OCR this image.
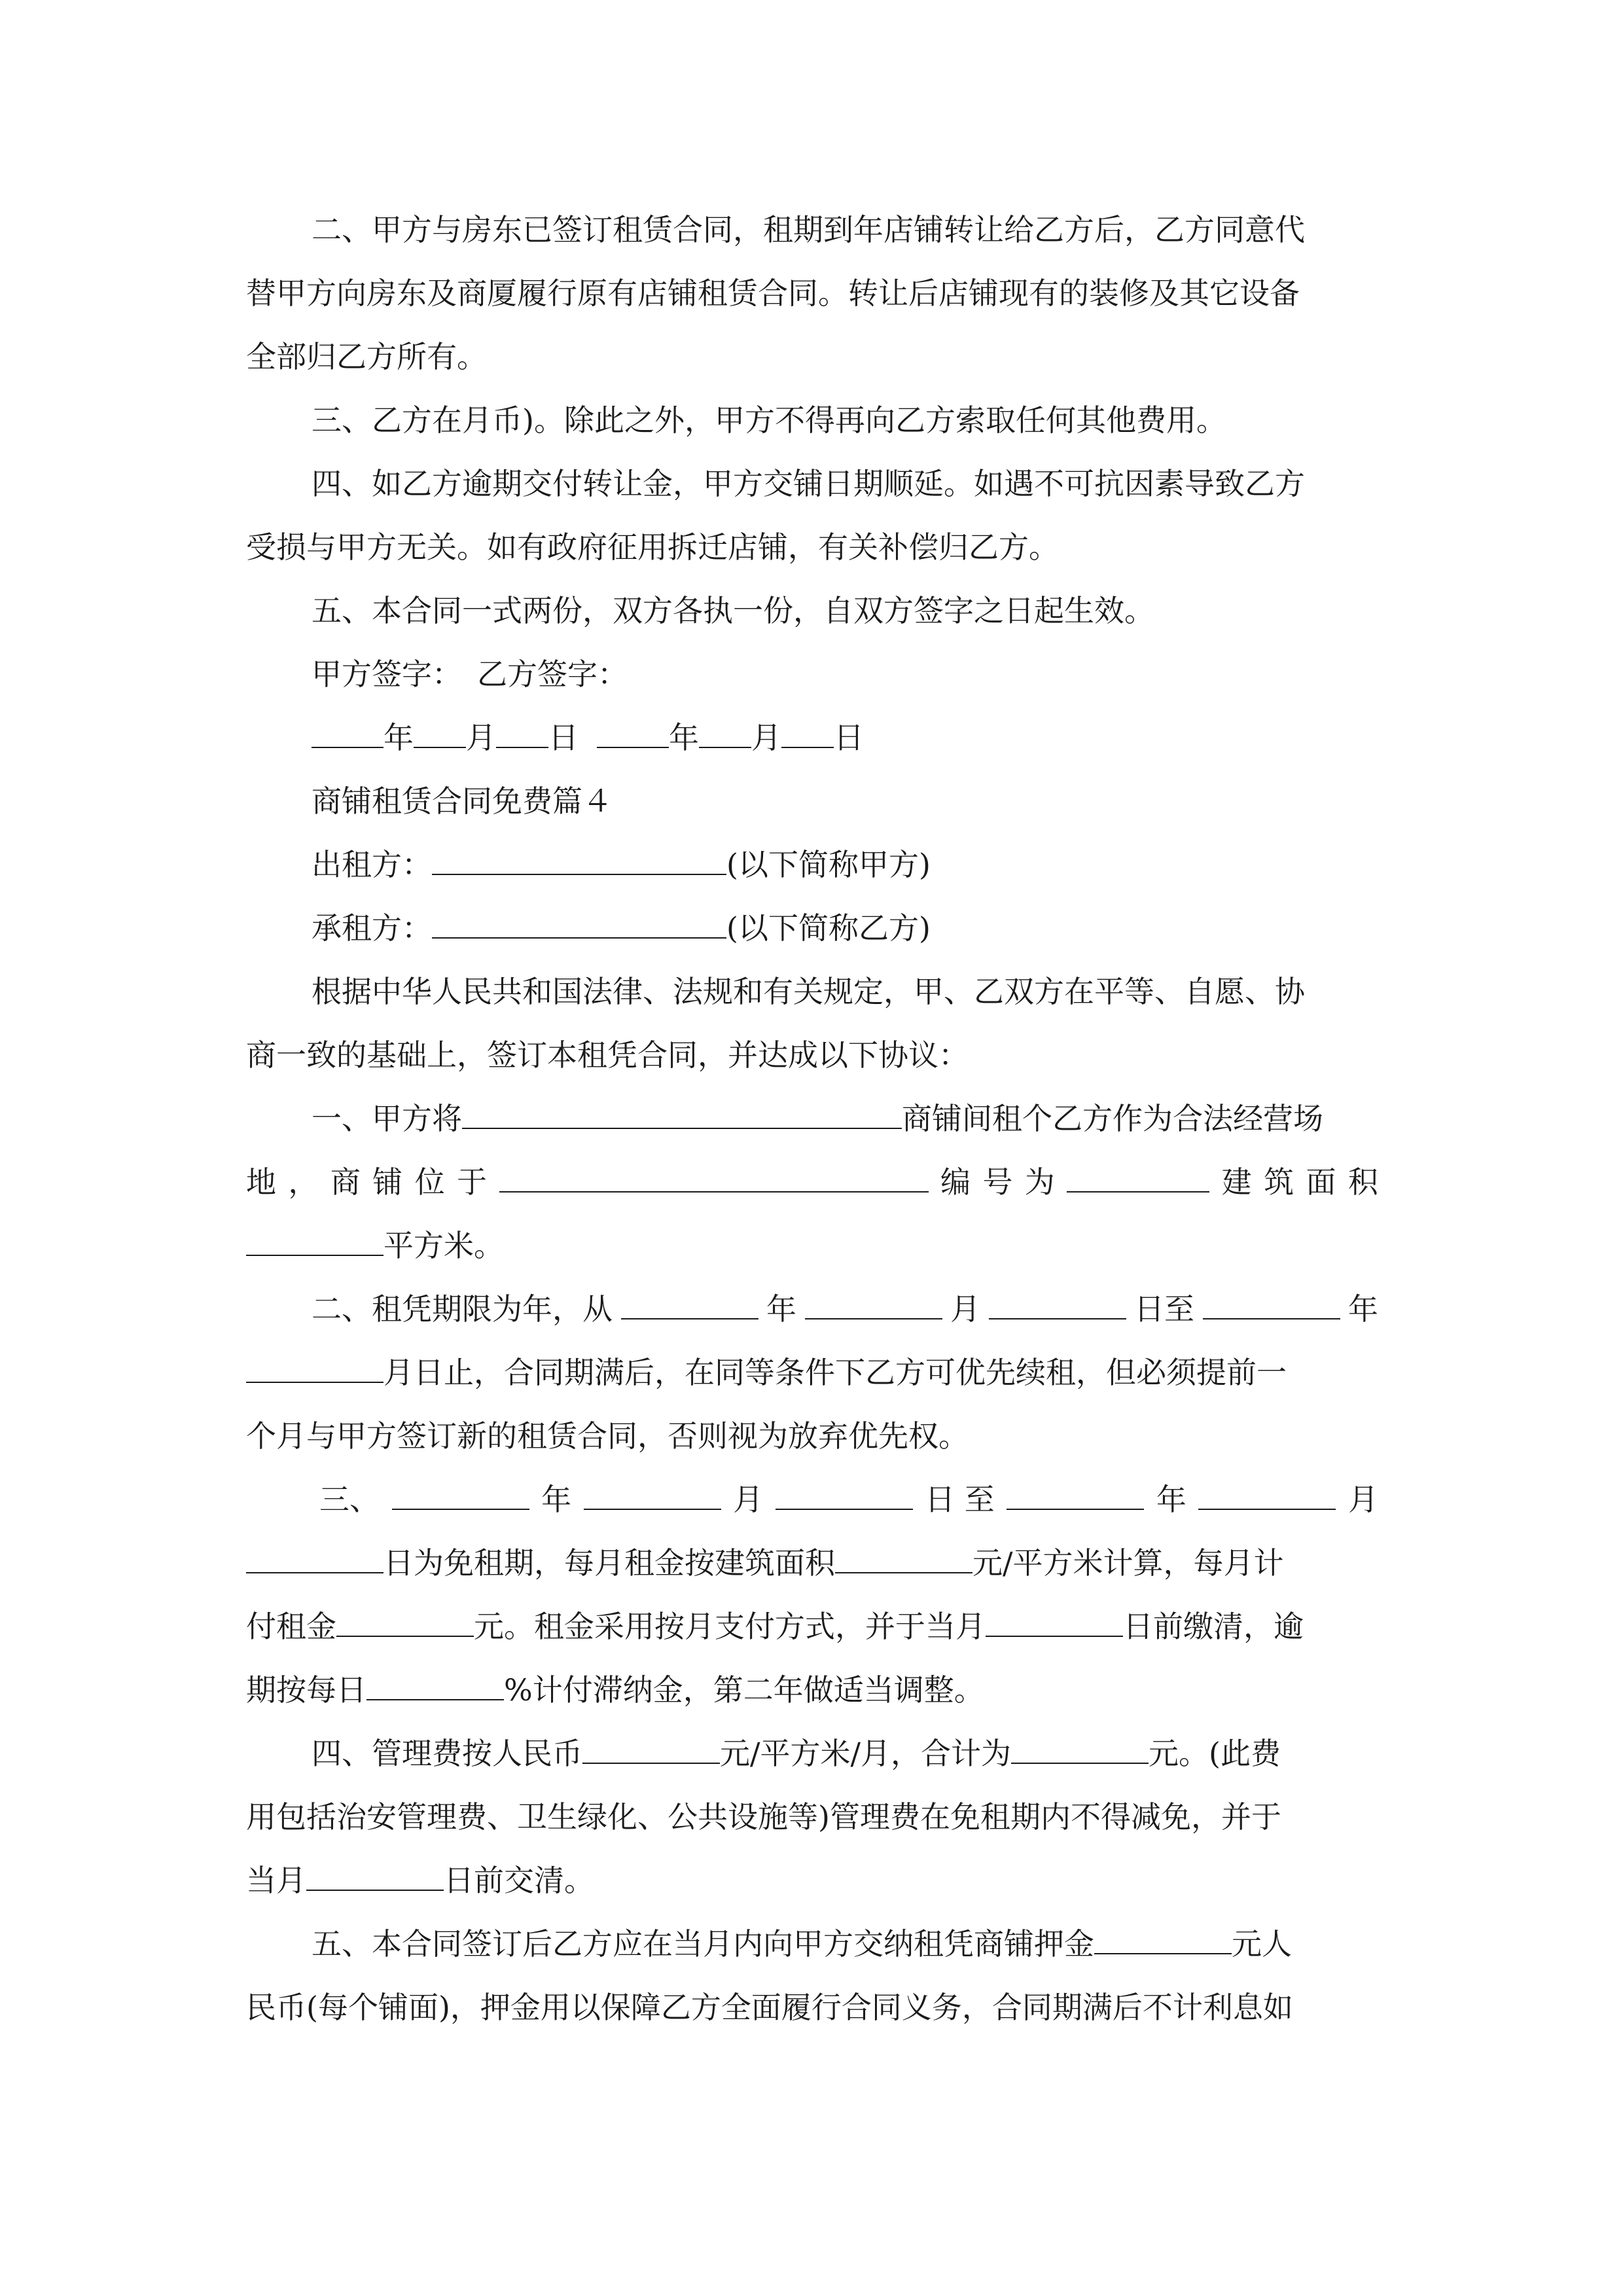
二、甲方与房东已签订租赁合同，租期到年店铺转让给乙方后，乙方同意代
替甲方向房东及商厦履行原有店铺租赁合同。转让后店铺现有的装修及其它设备
全部归乙方所有。
三、乙方在月币)。除此之外，甲方不得再向乙方索取任何其他费用。
四、如乙方逾期交付转让金，甲方交铺日期顺延。如遇不可抗因素导致乙方
受损与甲方无关。如有政府征用拆迁店铺，有关补偿归乙方。
五、本合同一式两份，双方各执一份，自双方签字之日起生效。
甲方签字：　乙方签字：
年 月 日	年 月 日
商铺租赁合同免费篇４
出租方：	(以下简称甲方)
承租方：	(以下简称乙方)
根据中华人民共和国法律、法规和有关规定，甲、乙双方在平等、自愿、协
商一致的基础上，签订本租凭合同，并达成以下协议：
一、甲方将	商铺间租个乙方作为合法经营场
地 ， 商 铺 位 于	编 号 为	建 筑 面 积
平方米。
二、租凭期限为年，从	年	月	日至	年
月日止，合同期满后，在同等条件下乙方可优先续租，但必须提前一
个月与甲方签订新的租赁合同，否则视为放弃优先权。
三、	年	月	日 至	年	月
日为免租期，每月租金按建筑面积	元/平方米计算，每月计
付租金	元。租金采用按月支付方式，并于当月	日前缴清，逾
期按每日	%计付滞纳金，第二年做适当调整。
四、管理费按人民币	元/平方米/月，合计为	元。(此费
用包括治安管理费、卫生绿化、公共设施等)管理费在免租期内不得减免，并于
当月	日前交清。
五、本合同签订后乙方应在当月内向甲方交纳租凭商铺押金	元人
民币(每个铺面)，押金用以保障乙方全面履行合同义务，合同期满后不计利息如
